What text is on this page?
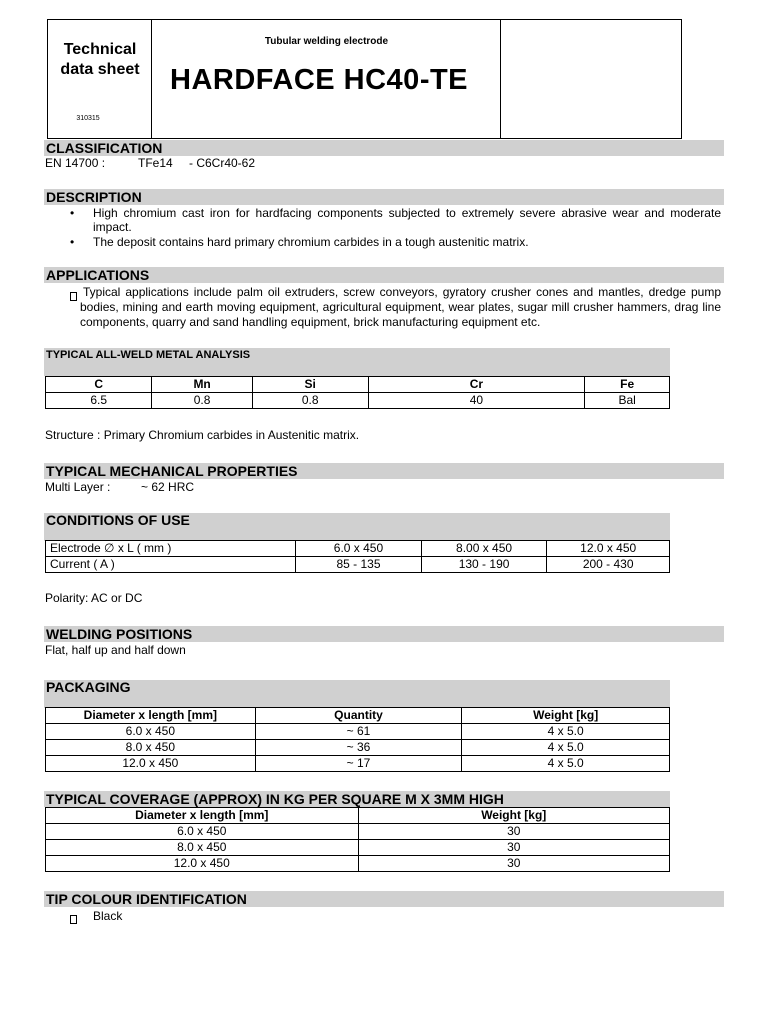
Technical data sheet
310315
Tubular welding electrode
HARDFACE HC40-TE
CLASSIFICATION
EN 14700 :	TFe14 - C6Cr40-62
DESCRIPTION
• High chromium cast iron for hardfacing components subjected to extremely severe abrasive wear and moderate impact.
• The deposit contains hard primary chromium carbides in a tough austenitic matrix.
APPLICATIONS
Typical applications include palm oil extruders, screw conveyors, gyratory crusher cones and mantles, dredge pump bodies, mining and earth moving equipment, agricultural equipment, wear plates, sugar mill crusher hammers, drag line components, quarry and sand handling equipment, brick manufacturing equipment etc.
TYPICAL ALL-WELD METAL ANALYSIS
C	Mn	Si	Cr	Fe
6.5	0.8	0.8	40	Bal
Structure : Primary Chromium carbides in Austenitic matrix.
TYPICAL MECHANICAL PROPERTIES
Multi Layer :	~ 62 HRC
CONDITIONS OF USE
Electrode ∅ x L ( mm )	6.0 x 450	8.00 x 450	12.0 x 450
Current ( A )	85 - 135	130 - 190	200 - 430
Polarity: AC or DC
WELDING POSITIONS
Flat, half up and half down
PACKAGING
Diameter x length [mm]	Quantity	Weight [kg]
6.0 x 450	~ 61	4 x 5.0
8.0 x 450	~ 36	4 x 5.0
12.0 x 450	~ 17	4 x 5.0
TYPICAL COVERAGE (APPROX) IN KG PER SQUARE M X 3MM HIGH
Diameter x length [mm]	Weight [kg]
6.0 x 450	30
8.0 x 450	30
12.0 x 450	30
TIP COLOUR IDENTIFICATION
Black
